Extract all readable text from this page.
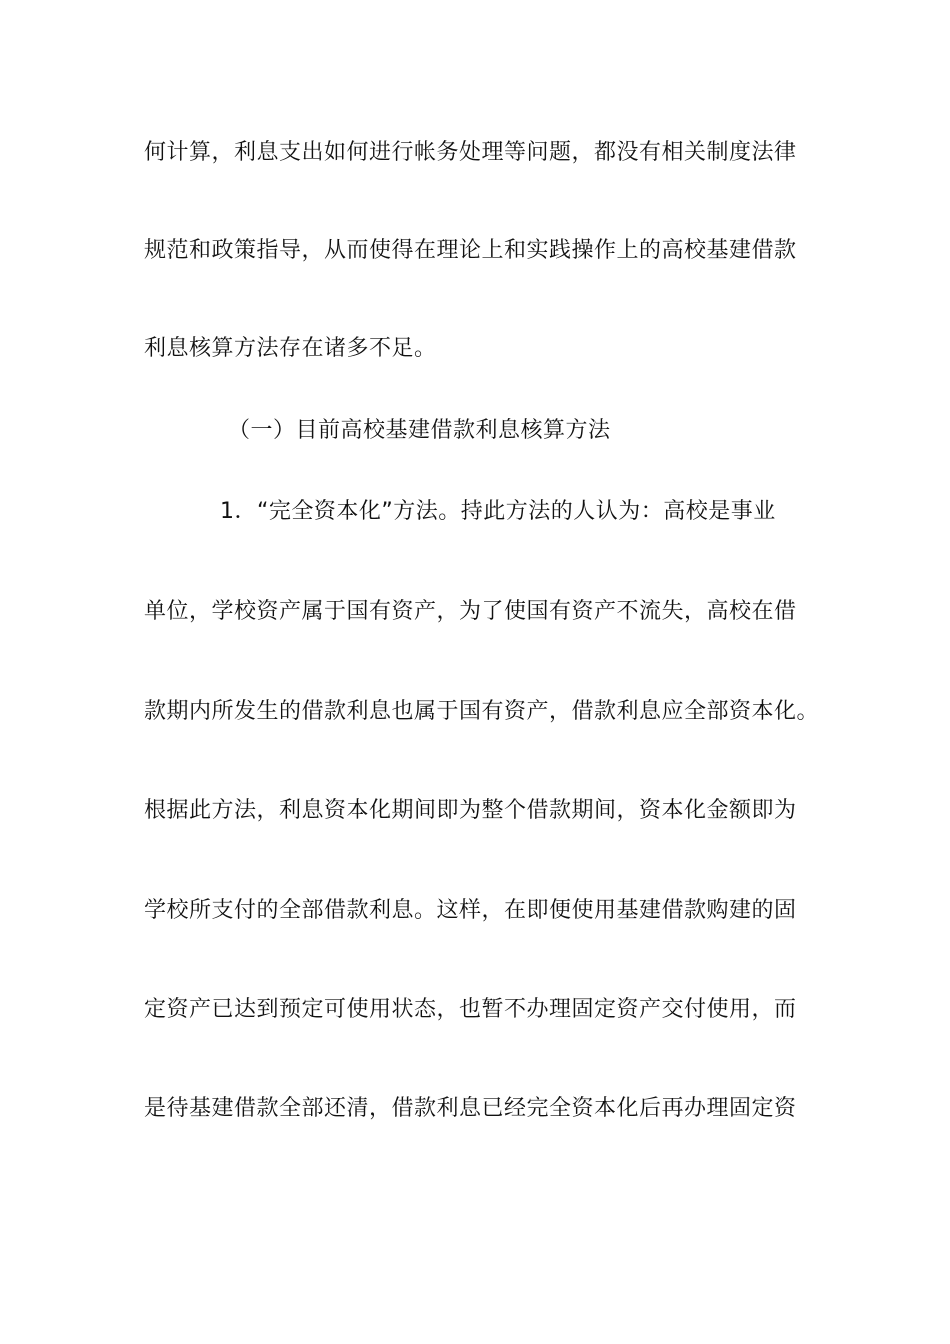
何计算，利息支出如何进行帐务处理等问题，都没有相关制度法律
规范和政策指导，从而使得在理论上和实践操作上的高校基建借款
利息核算方法存在诸多不足。
（一）目前高校基建借款利息核算方法
1．“完全资本化”方法。持此方法的人认为：高校是事业
单位，学校资产属于国有资产，为了使国有资产不流失，高校在借
款期内所发生的借款利息也属于国有资产，借款利息应全部资本化。
根据此方法，利息资本化期间即为整个借款期间，资本化金额即为
学校所支付的全部借款利息。这样，在即便使用基建借款购建的固
定资产已达到预定可使用状态，也暂不办理固定资产交付使用，而
是待基建借款全部还清，借款利息已经完全资本化后再办理固定资
